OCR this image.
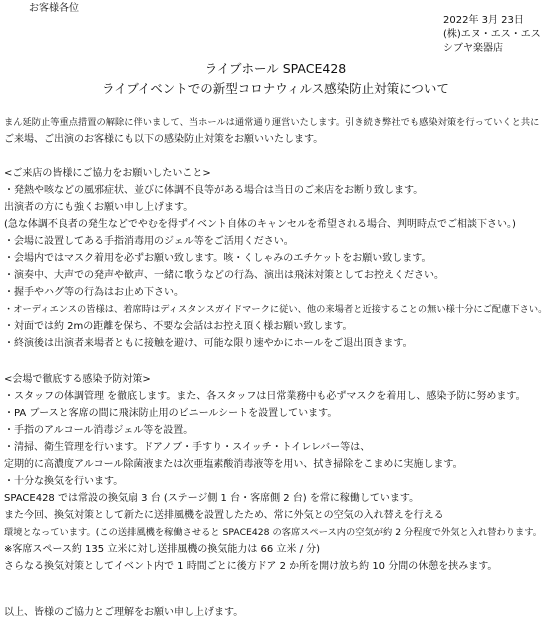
お客様各位
2022年 3月 23日
(株)エヌ・エス・エス
シブヤ楽器店
ライブホール SPACE428
ライブイベントでの新型コロナウィルス感染防止対策について
まん延防止等重点措置の解除に伴いまして、当ホールは通常通り運営いたします。引き続き弊社でも感染対策を行っていくと共に
ご来場、ご出演のお客様にも以下の感染防止対策をお願いいたします。
<ご来店の皆様にご協力をお願いしたいこと>
・発熱や咳などの風邪症状、並びに体調不良等がある場合は当日のご来店をお断り致します。
出演者の方にも強くお願い申し上げます。
(急な体調不良者の発生などでやむを得ずイベント自体のキャンセルを希望される場合、判明時点でご相談下さい。)
・会場に設置してある手指消毒用のジェル等をご活用ください。
・会場内ではマスク着用を必ずお願い致します。咳・くしゃみのエチケットをお願い致します。
・演奏中、大声での発声や歓声、一緒に歌うなどの行為、演出は飛沫対策としてお控えください。
・握手やハグ等の行為はお止め下さい。
・オーディエンスの皆様は、着席時はディスタンスガイドマークに従い、他の来場者と近接することの無い様十分にご配慮下さい。
・対面では約 2mの距離を保ち、不要な会話はお控え頂く様お願い致します。
・終演後は出演者来場者ともに接触を避け、可能な限り速やかにホールをご退出頂きます。
<会場で徹底する感染予防対策>
・スタッフの体調管理 を徹底します。また、各スタッフは日常業務中も必ずマスクを着用し、感染予防に努めます。
・PA ブースと客席の間に飛沫防止用のビニールシートを設置しています。
・手指のアルコール消毒ジェル等を設置。
・清掃、衛生管理を行います。ドアノブ・手すり・スイッチ・トイレレバー等は、
定期的に高濃度アルコール除菌液または次亜塩素酸消毒液等を用い、拭き掃除をこまめに実施します。
・十分な換気を行います。
SPACE428 では常設の換気扇 3 台 (ステージ側 1 台・客席側 2 台) を常に稼働しています。
また今回、換気対策として新たに送排風機を設置したため、常に外気との空気の入れ替えを行える
環境となっています。(この送排風機を稼働させると SPACE428 の客席スペース内の空気が約 2 分程度で外気と入れ替わります。
※客席スペース約 135 立米に対し送排風機の換気能力は 66 立米 / 分)
さらなる換気対策としてイベント内で 1 時間ごとに後方ドア 2 か所を開け放ち約 10 分間の休憩を挟みます。
以上、皆様のご協力とご理解をお願い申し上げます。
